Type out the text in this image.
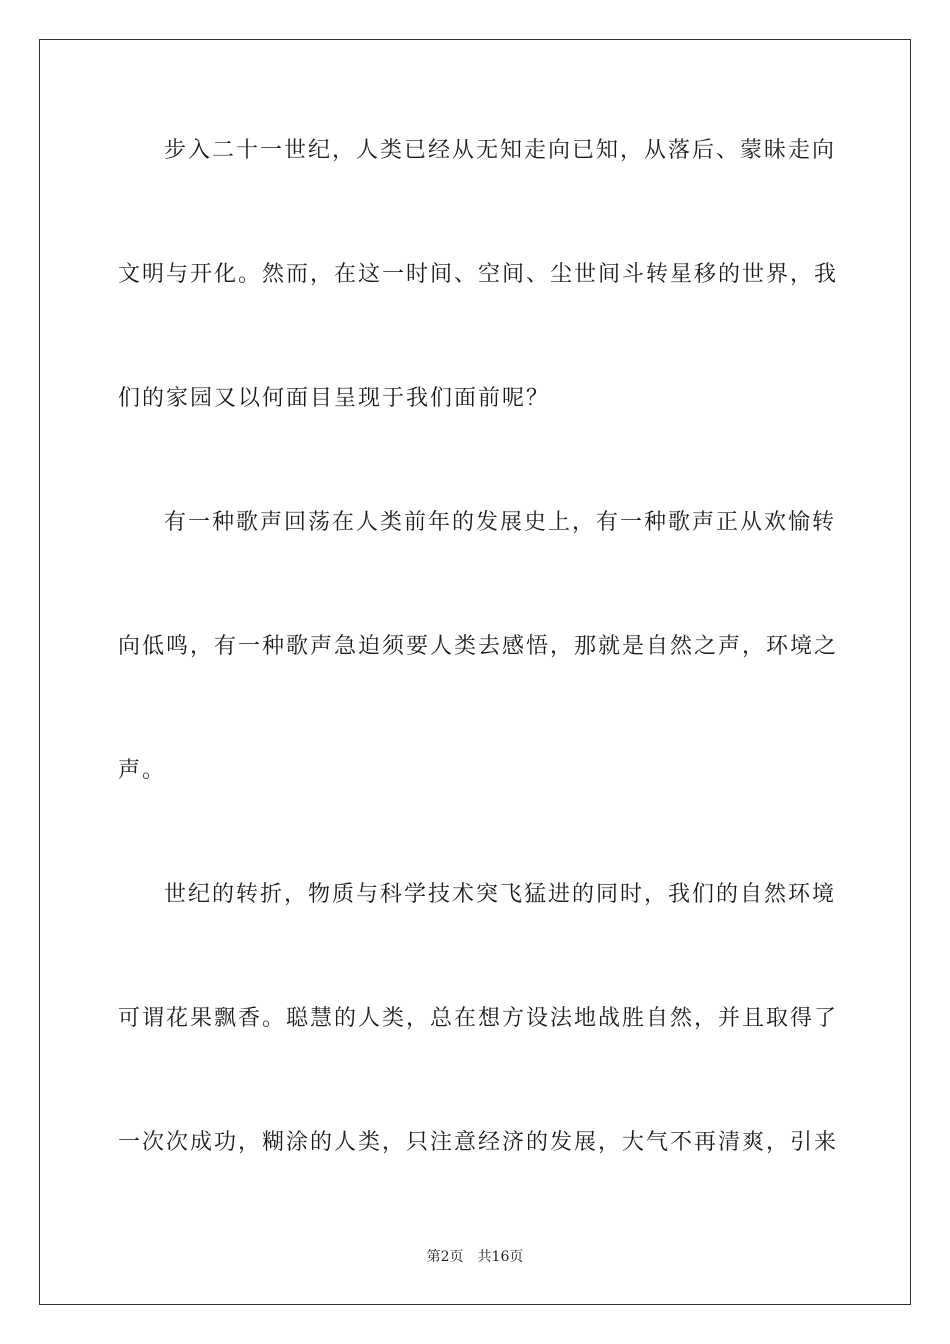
步入二十一世纪，人类已经从无知走向已知，从落后、蒙昧走向
文明与开化。然而，在这一时间、空间、尘世间斗转星移的世界，我
们的家园又以何面目呈现于我们面前呢？
有一种歌声回荡在人类前年的发展史上，有一种歌声正从欢愉转
向低鸣，有一种歌声急迫须要人类去感悟，那就是自然之声，环境之
声。
世纪的转折，物质与科学技术突飞猛进的同时，我们的自然环境
可谓花果飘香。聪慧的人类，总在想方设法地战胜自然，并且取得了
一次次成功，糊涂的人类，只注意经济的发展，大气不再清爽，引来
第2页 共16页
